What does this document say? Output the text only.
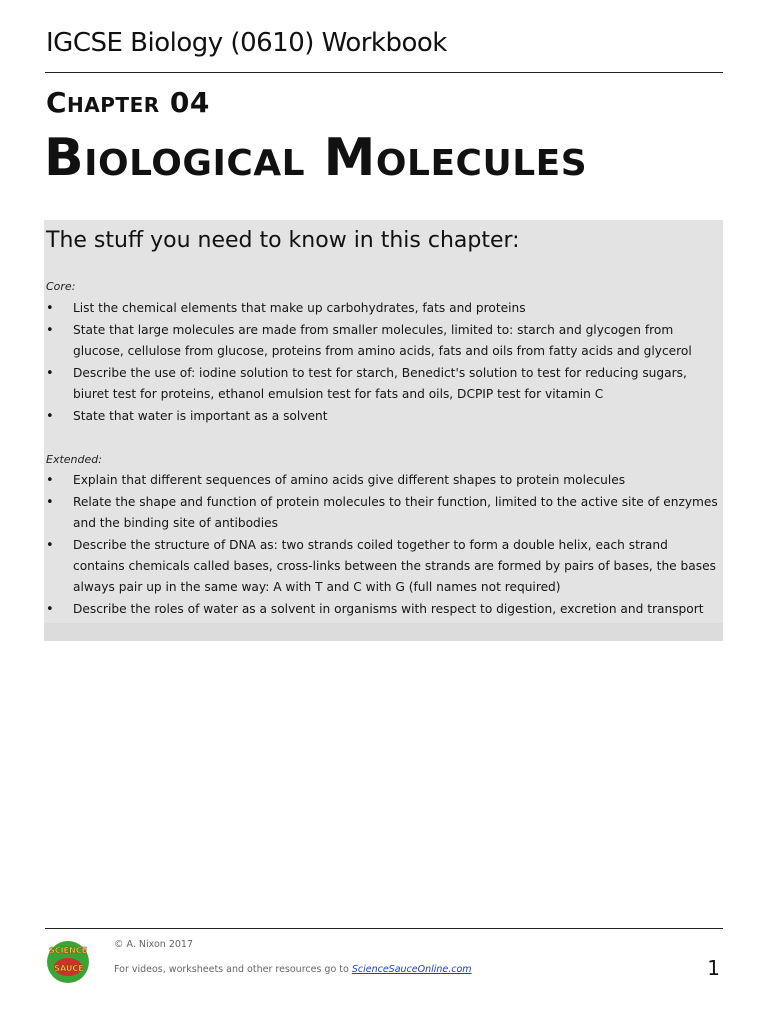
IGCSE Biology (0610) Workbook
Chapter 04
Biological Molecules
The stuff you need to know in this chapter:
Core:
• List the chemical elements that make up carbohydrates, fats and proteins
• State that large molecules are made from smaller molecules, limited to: starch and glycogen from glucose, cellulose from glucose, proteins from amino acids, fats and oils from fatty acids and glycerol
• Describe the use of: iodine solution to test for starch, Benedict's solution to test for reducing sugars, biuret test for proteins, ethanol emulsion test for fats and oils, DCPIP test for vitamin C
• State that water is important as a solvent
Extended:
• Explain that different sequences of amino acids give different shapes to protein molecules
• Relate the shape and function of protein molecules to their function, limited to the active site of enzymes and the binding site of antibodies
• Describe the structure of DNA as: two strands coiled together to form a double helix, each strand contains chemicals called bases, cross-links between the strands are formed by pairs of bases, the bases always pair up in the same way: A with T and C with G (full names not required)
• Describe the roles of water as a solvent in organisms with respect to digestion, excretion and transport
SCIENCE
SAUCE
© A. Nixon 2017
For videos, worksheets and other resources go to ScienceSauceOnline.com	1
